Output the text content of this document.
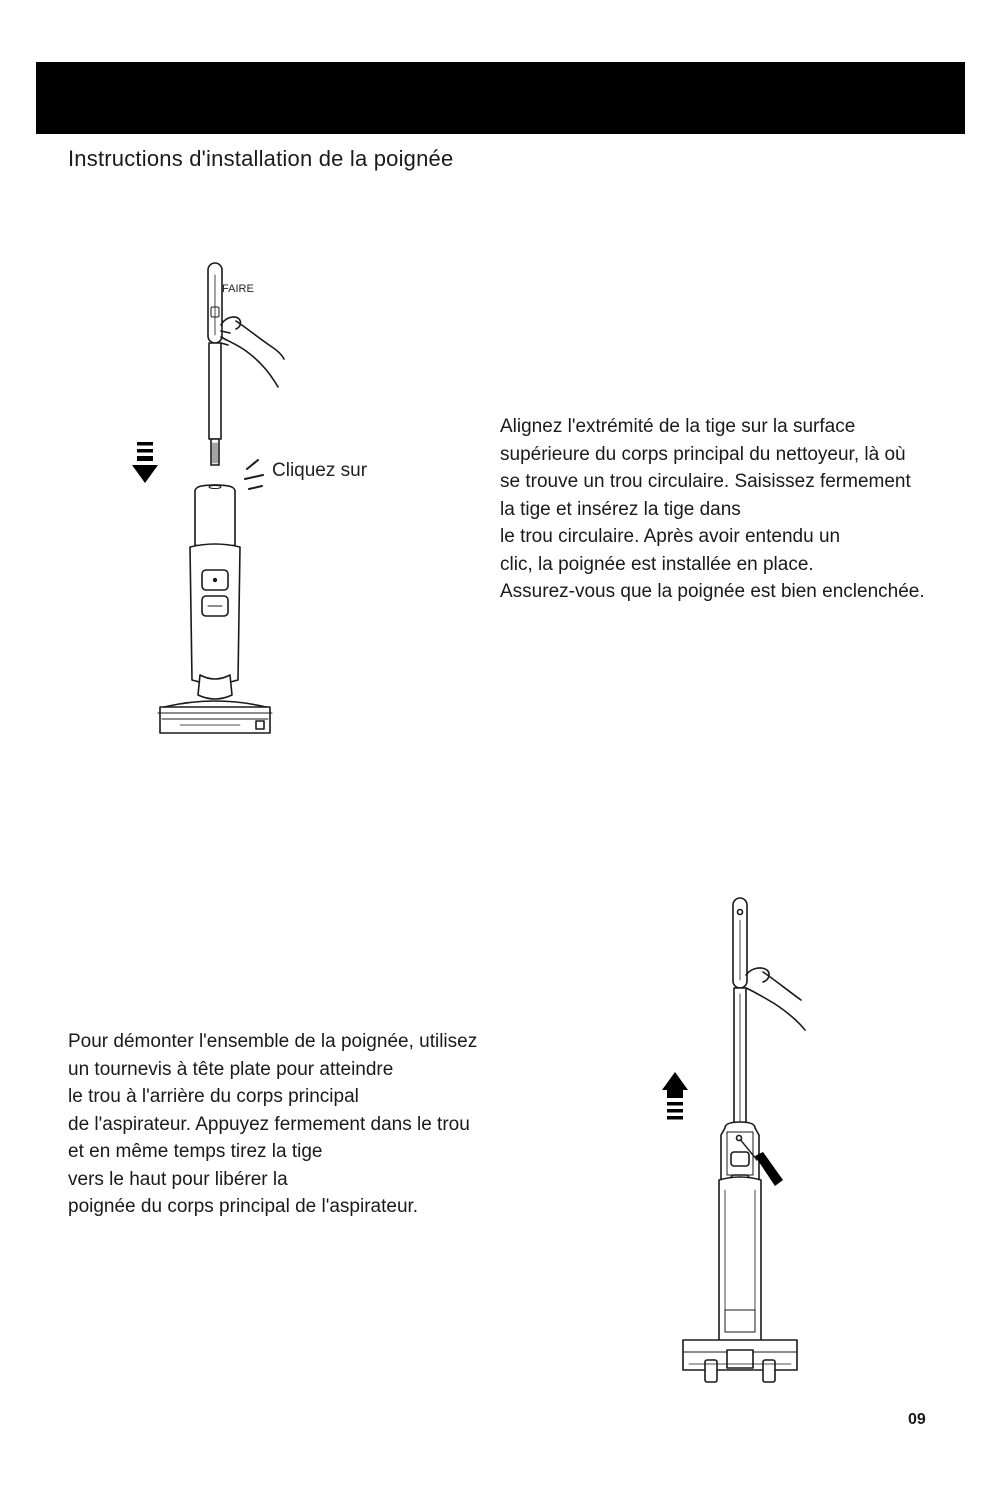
Instructions d'installation de la poignée
FAIRE
Cliquez sur

Alignez l'extrémité de la tige sur la surface
supérieure du corps principal du nettoyeur, là où
se trouve un trou circulaire. Saisissez fermement
la tige et insérez la tige dans
le trou circulaire. Après avoir entendu un
clic, la poignée est installée en place.
Assurez-vous que la poignée est bien enclenchée.

Pour démonter l'ensemble de la poignée, utilisez
un tournevis à tête plate pour atteindre
le trou à l'arrière du corps principal
de l'aspirateur. Appuyez fermement dans le trou
et en même temps tirez la tige
vers le haut pour libérer la
poignée du corps principal de l'aspirateur.

09
